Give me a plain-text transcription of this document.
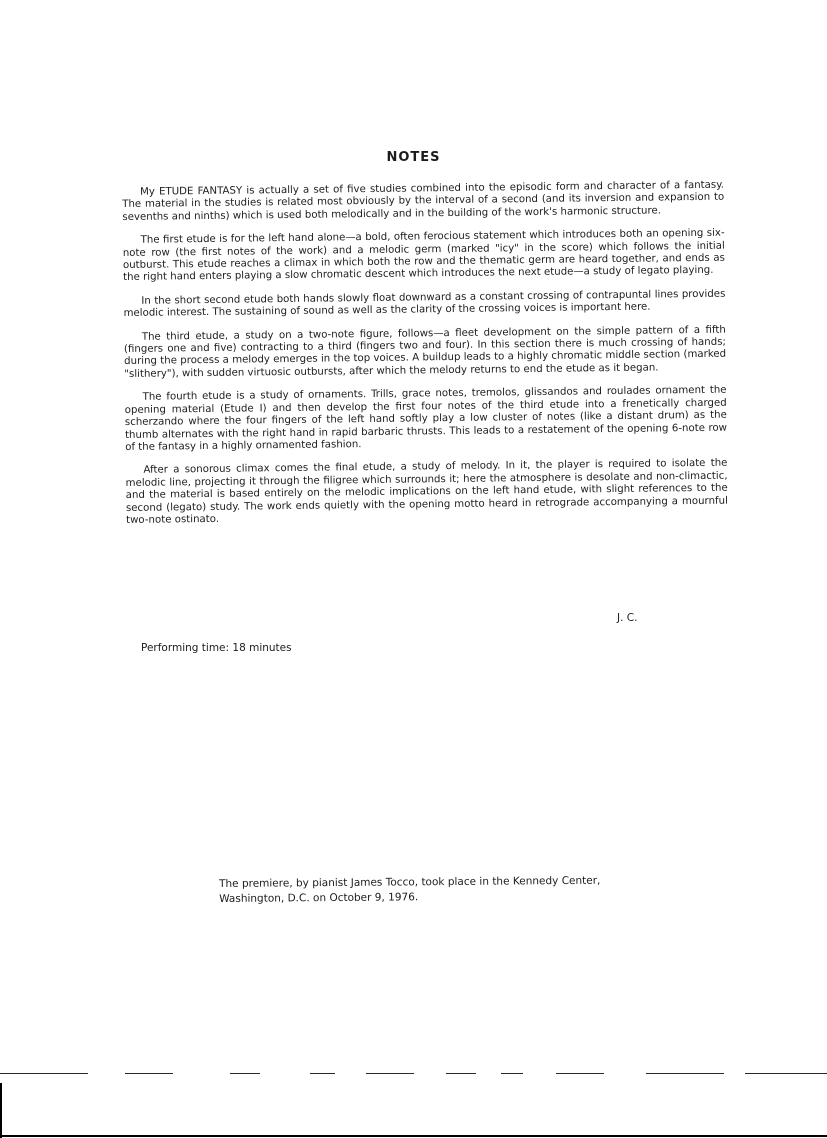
NOTES

My ETUDE FANTASY is actually a set of five studies combined into the episodic form and character of a fantasy. The material in the studies is related most obviously by the interval of a second (and its inversion and expansion to sevenths and ninths) which is used both melodically and in the building of the work's harmonic structure.

The first etude is for the left hand alone—a bold, often ferocious statement which introduces both an opening six-note row (the first notes of the work) and a melodic germ (marked "icy" in the score) which follows the initial outburst. This etude reaches a climax in which both the row and the thematic germ are heard together, and ends as the right hand enters playing a slow chromatic descent which introduces the next etude—a study of legato playing.

In the short second etude both hands slowly float downward as a constant crossing of contrapuntal lines provides melodic interest. The sustaining of sound as well as the clarity of the crossing voices is important here.

The third etude, a study on a two-note figure, follows—a fleet development on the simple pattern of a fifth (fingers one and five) contracting to a third (fingers two and four). In this section there is much crossing of hands; during the process a melody emerges in the top voices. A buildup leads to a highly chromatic middle section (marked "slithery"), with sudden virtuosic outbursts, after which the melody returns to end the etude as it began.

The fourth etude is a study of ornaments. Trills, grace notes, tremolos, glissandos and roulades ornament the opening material (Etude I) and then develop the first four notes of the third etude into a frenetically charged scherzando where the four fingers of the left hand softly play a low cluster of notes (like a distant drum) as the thumb alternates with the right hand in rapid barbaric thrusts. This leads to a restatement of the opening 6-note row of the fantasy in a highly ornamented fashion.

After a sonorous climax comes the final etude, a study of melody. In it, the player is required to isolate the melodic line, projecting it through the filigree which surrounds it; here the atmosphere is desolate and non-climactic, and the material is based entirely on the melodic implications on the left hand etude, with slight references to the second (legato) study. The work ends quietly with the opening motto heard in retrograde accompanying a mournful two-note ostinato.

J. C.
Performing time: 18 minutes
The premiere, by pianist James Tocco, took place in the Kennedy Center, Washington, D.C. on October 9, 1976.
